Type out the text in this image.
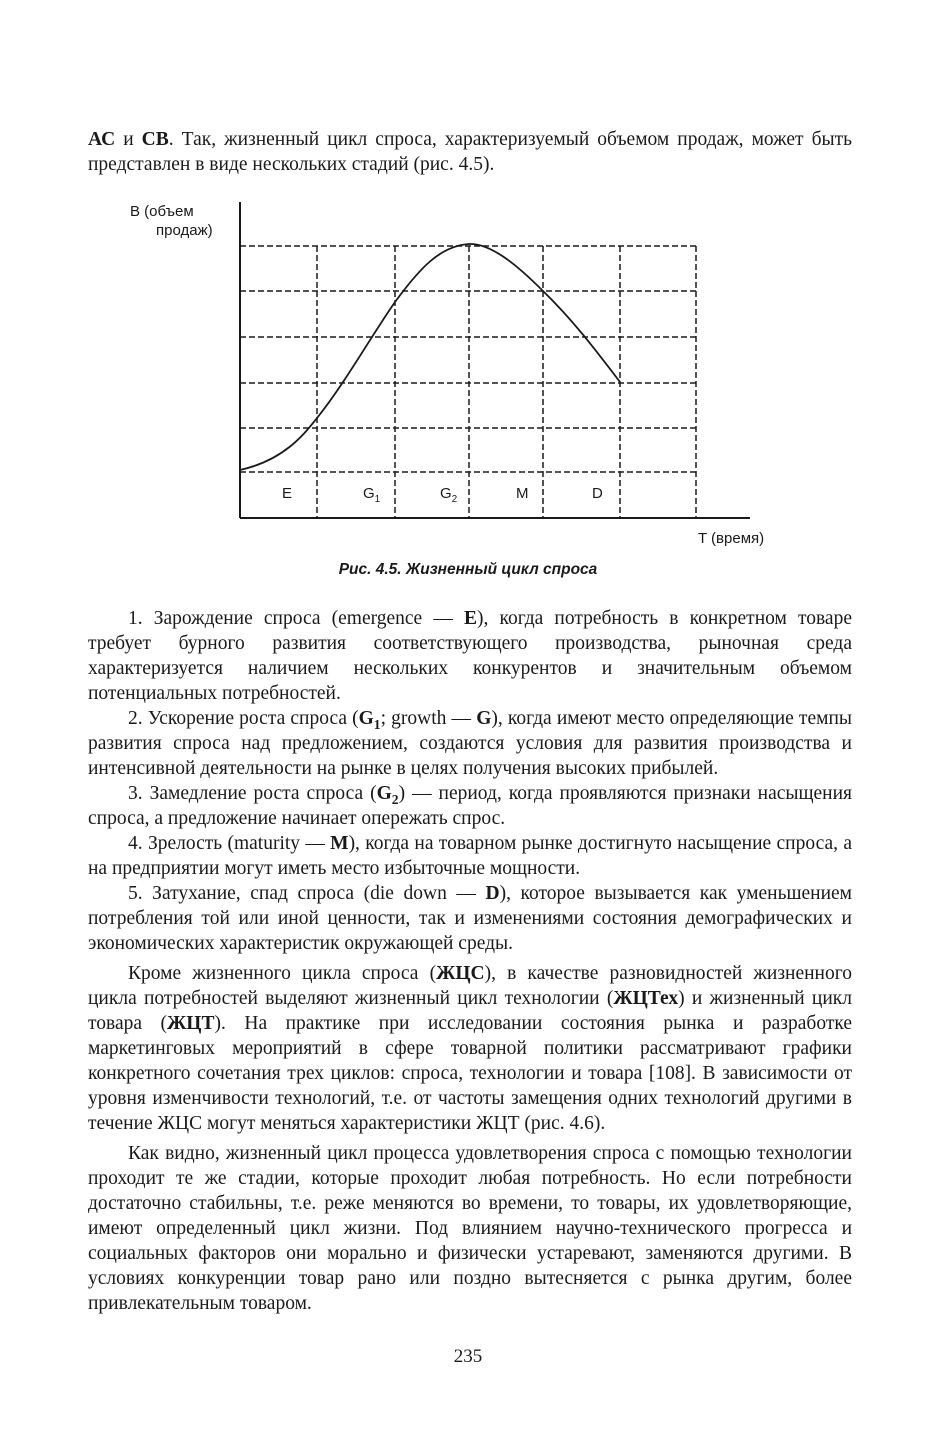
АС и СВ. Так, жизненный цикл спроса, характеризуемый объемом продаж, может быть представлен в виде нескольких стадий (рис. 4.5).

B (объем
продаж)
E	$G_1$	$G_2$	M	D
T (время)
Рис. 4.5. Жизненный цикл спроса

1. Зарождение спроса (emergence — E), когда потребность в конкретном товаре требует бурного развития соответствующего производства, рыночная среда характеризуется наличием нескольких конкурентов и значительным объемом потенциальных потребностей.

2. Ускорение роста спроса ($G_1$; growth — G), когда имеют место определяющие темпы развития спроса над предложением, создаются условия для развития производства и интенсивной деятельности на рынке в целях получения высоких прибылей.

3. Замедление роста спроса $(G_2)$ — период, когда проявляются признаки насыщения спроса, а предложение начинает опережать спрос.

4. Зрелость (maturity — M), когда на товарном рынке достигнуто насыщение спроса, а на предприятии могут иметь место избыточные мощности.

5. Затухание, спад спроса (die down — D), которое вызывается как уменьшением потребления той или иной ценности, так и изменениями состояния демографических и экономических характеристик окружающей среды.

Кроме жизненного цикла спроса (ЖЦС), в качестве разновидностей жизненного цикла потребностей выделяют жизненный цикл технологии (ЖЦТех) и жизненный цикл товара (ЖЦТ). На практике при исследовании состояния рынка и разработке маркетинговых мероприятий в сфере товарной политики рассматривают графики конкретного сочетания трех циклов: спроса, технологии и товара [108]. В зависимости от уровня изменчивости технологий, т.е. от частоты замещения одних технологий другими в течение ЖЦС могут меняться характеристики ЖЦТ (рис. 4.6).

Как видно, жизненный цикл процесса удовлетворения спроса с помощью технологии проходит те же стадии, которые проходит любая потребность. Но если потребности достаточно стабильны, т.е. реже меняются во времени, то товары, их удовлетворяющие, имеют определенный цикл жизни. Под влиянием научно-технического прогресса и социальных факторов они морально и физически устаревают, заменяются другими. В условиях конкуренции товар рано или поздно вытесняется с рынка другим, более привлекательным товаром.

235
